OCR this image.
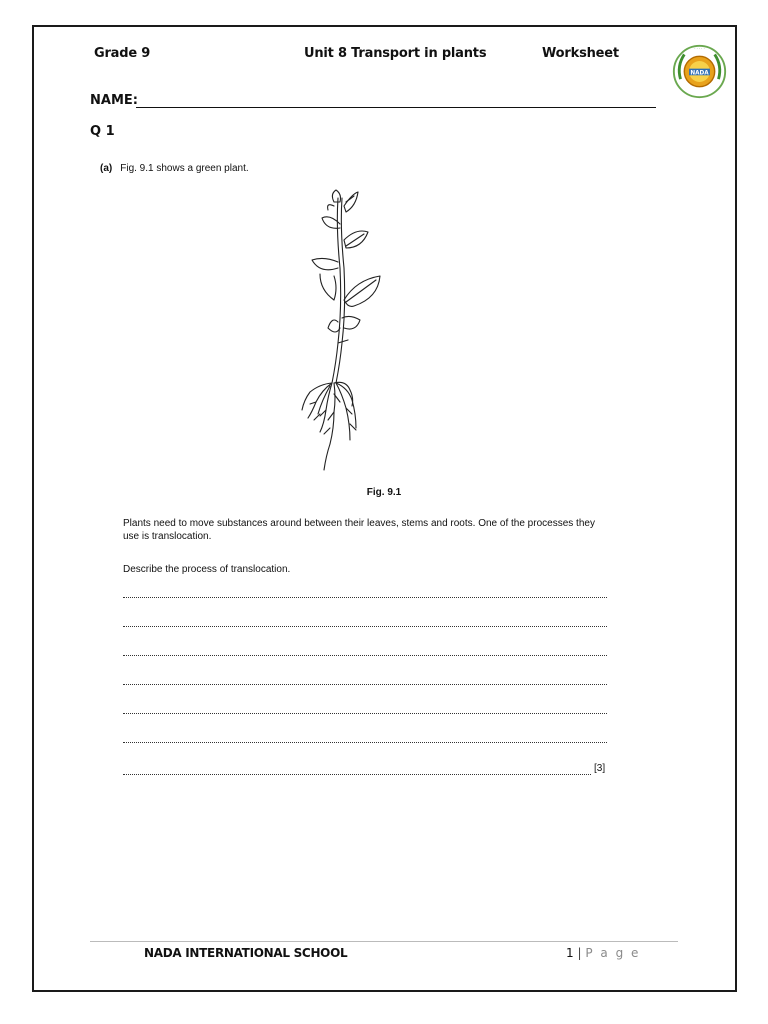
Grade 9	Unit 8 Transport in plants	Worksheet
NADA
· · · · ·
NAME:
Q 1
(a) Fig. 9.1 shows a green plant.
Fig. 9.1
Plants need to move substances around between their leaves, stems and roots. One of the processes they use is translocation.
Describe the process of translocation.
[3]
NADA INTERNATIONAL SCHOOL	1 | P a g e
